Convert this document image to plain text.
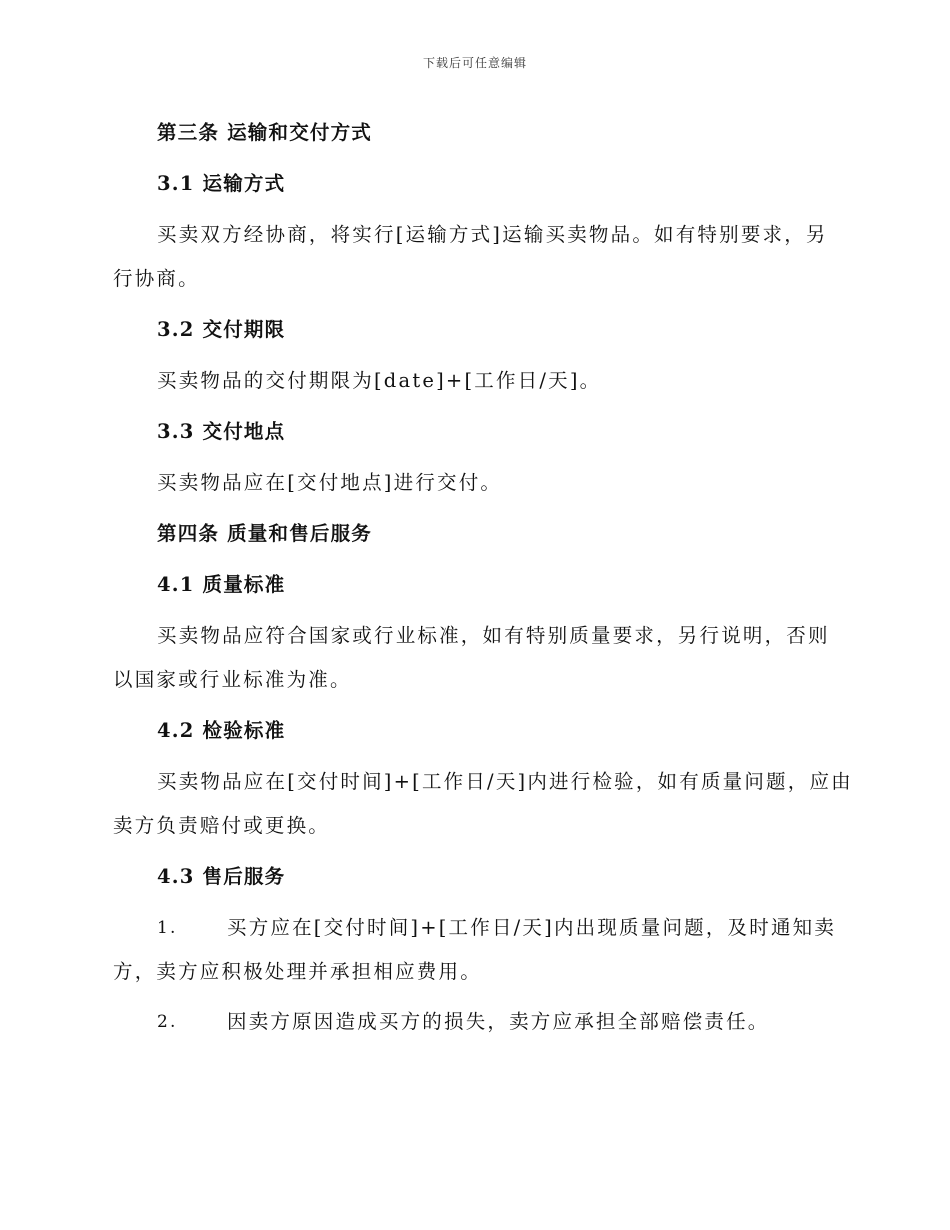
下载后可任意编辑
第三条 运输和交付方式
3.1 运输方式
买卖双方经协商，将实行[运输方式]运输买卖物品。如有特别要求，另
行协商。
3.2 交付期限
买卖物品的交付期限为[date]+[工作日/天]。
3.3 交付地点
买卖物品应在[交付地点]进行交付。
第四条 质量和售后服务
4.1 质量标准
买卖物品应符合国家或行业标准，如有特别质量要求，另行说明，否则
以国家或行业标准为准。
4.2 检验标准
买卖物品应在[交付时间]+[工作日/天]内进行检验，如有质量问题，应由
卖方负责赔付或更换。
4.3 售后服务
1.	买方应在[交付时间]+[工作日/天]内出现质量问题，及时通知卖
方，卖方应积极处理并承担相应费用。
2.	因卖方原因造成买方的损失，卖方应承担全部赔偿责任。
